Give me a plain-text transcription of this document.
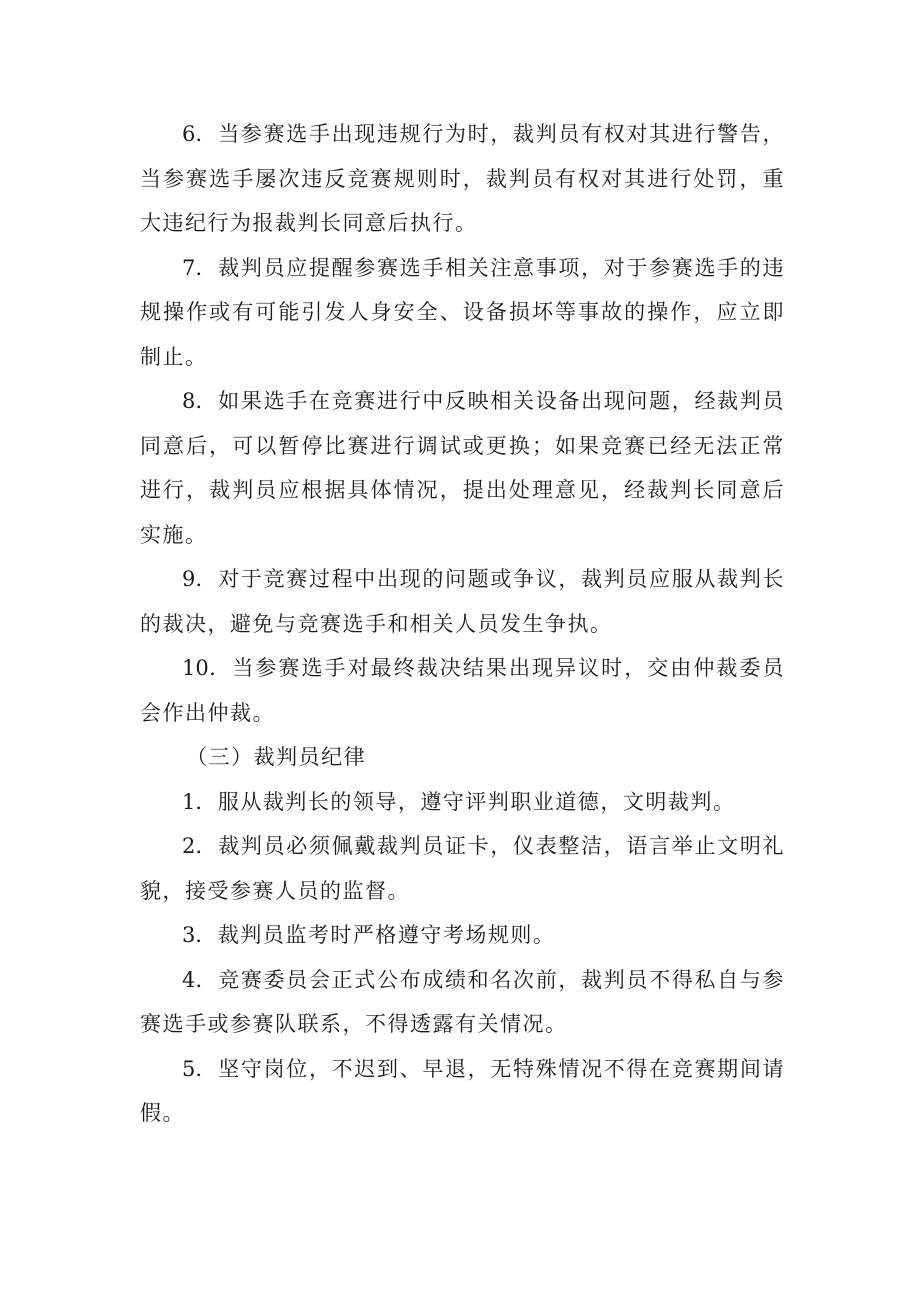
6．当参赛选手出现违规行为时，裁判员有权对其进行警告，当参赛选手屡次违反竞赛规则时，裁判员有权对其进行处罚，重大违纪行为报裁判长同意后执行。

7．裁判员应提醒参赛选手相关注意事项，对于参赛选手的违规操作或有可能引发人身安全、设备损坏等事故的操作，应立即制止。

8．如果选手在竞赛进行中反映相关设备出现问题，经裁判员同意后，可以暂停比赛进行调试或更换；如果竞赛已经无法正常进行，裁判员应根据具体情况，提出处理意见，经裁判长同意后实施。

9．对于竞赛过程中出现的问题或争议，裁判员应服从裁判长的裁决，避免与竞赛选手和相关人员发生争执。

10．当参赛选手对最终裁决结果出现异议时，交由仲裁委员会作出仲裁。

（三）裁判员纪律

1．服从裁判长的领导，遵守评判职业道德，文明裁判。

2．裁判员必须佩戴裁判员证卡，仪表整洁，语言举止文明礼貌，接受参赛人员的监督。

3．裁判员监考时严格遵守考场规则。

4．竞赛委员会正式公布成绩和名次前，裁判员不得私自与参赛选手或参赛队联系，不得透露有关情况。

5．坚守岗位，不迟到、早退，无特殊情况不得在竞赛期间请假。
